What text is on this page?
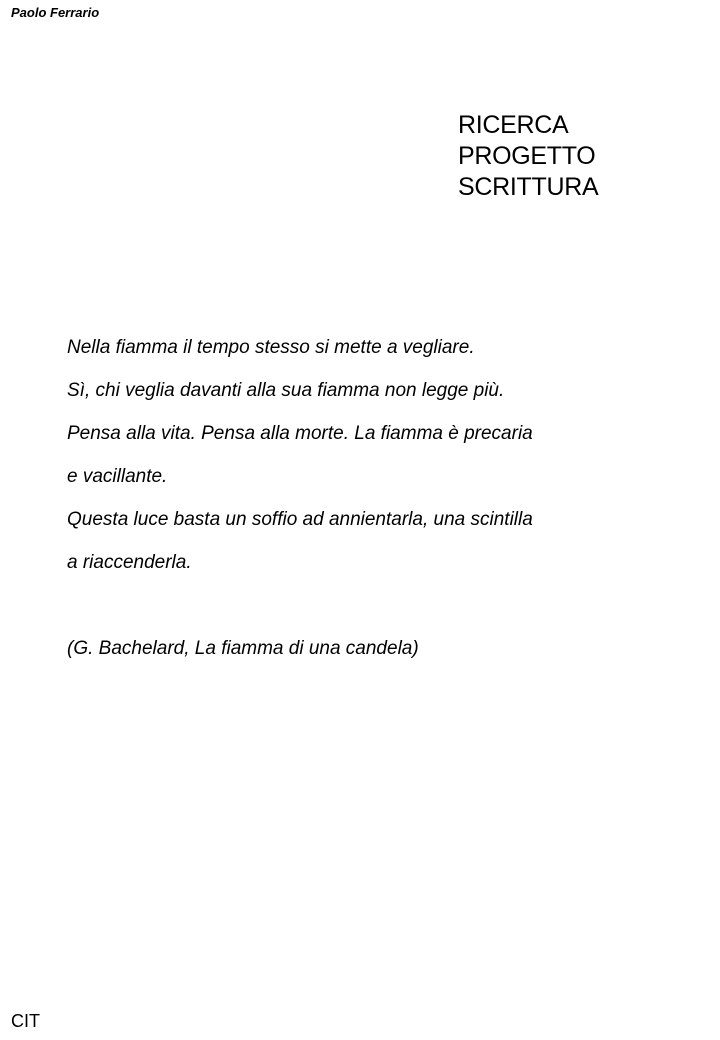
Paolo Ferrario
RICERCA
PROGETTO
SCRITTURA
Nella fiamma il tempo stesso si mette a vegliare.
Sì, chi veglia davanti alla sua fiamma non legge più.
Pensa alla vita. Pensa alla morte. La fiamma è precaria
e vacillante.
Questa luce basta un soffio ad annientarla, una scintilla
a riaccenderla.
(G. Bachelard, La fiamma di una candela)
CIT
